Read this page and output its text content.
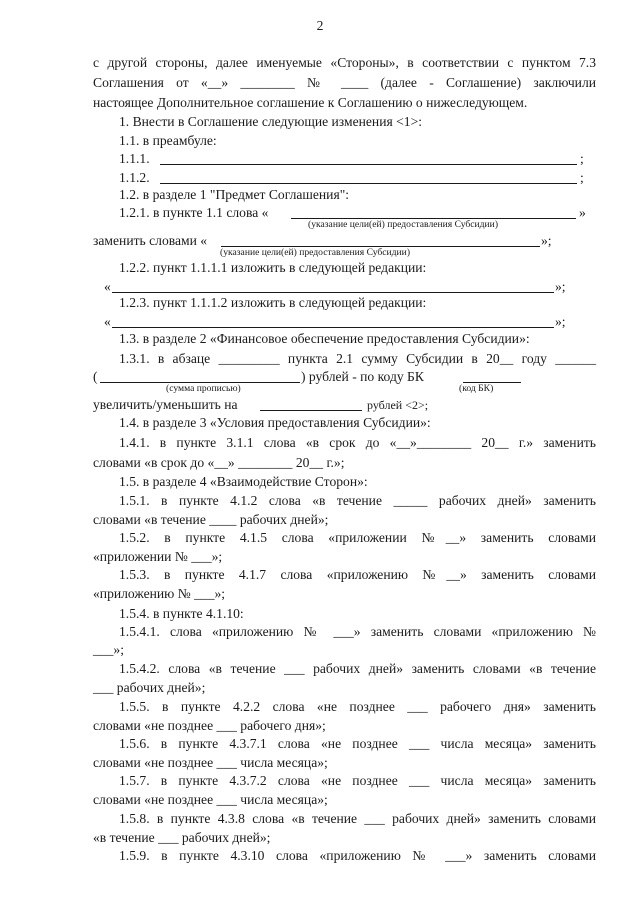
2
с другой стороны, далее именуемые «Стороны», в соответствии с пунктом 7.3
Соглашения от «__» ________ № ____ (далее - Соглашение) заключили
настоящее Дополнительное соглашение к Соглашению о нижеследующем.
1. Внести в Соглашение следующие изменения <1>:
1.1. в преамбуле:
1.1.1.	;
1.1.2.	;
1.2. в разделе 1 "Предмет Соглашения":
1.2.1. в пункте 1.1 слова «	»
(указание цели(ей) предоставления Субсидии)
заменить словами «	»;
(указание цели(ей) предоставления Субсидии)
1.2.2. пункт 1.1.1.1 изложить в следующей редакции:
«	»;
1.2.3. пункт 1.1.1.2 изложить в следующей редакции:
«	»;
1.3. в разделе 2 «Финансовое обеспечение предоставления Субсидии»:
1.3.1. в абзаце _________ пункта 2.1 сумму Субсидии в 20__ году ______
(	) рублей - по коду БК
(сумма прописью)	(код БК)
увеличить/уменьшить на	рублей <2>;
1.4. в разделе 3 «Условия предоставления Субсидии»:
1.4.1. в пункте 3.1.1 слова «в срок до «__»________ 20__ г.» заменить
словами «в срок до «__» ________ 20__ г.»;
1.5. в разделе 4 «Взаимодействие Сторон»:
1.5.1. в пункте 4.1.2 слова «в течение _____ рабочих дней» заменить
словами «в течение ____ рабочих дней»;
1.5.2. в пункте 4.1.5 слова «приложении №__» заменить словами
«приложении № ___»;
1.5.3. в пункте 4.1.7 слова «приложению №__» заменить словами
«приложению № ___»;
1.5.4. в пункте 4.1.10:
1.5.4.1. слова «приложению № ___» заменить словами «приложению №
___»;
1.5.4.2. слова «в течение ___ рабочих дней» заменить словами «в течение
___ рабочих дней»;
1.5.5. в пункте 4.2.2 слова «не позднее ___ рабочего дня» заменить
словами «не позднее ___ рабочего дня»;
1.5.6. в пункте 4.3.7.1 слова «не позднее ___ числа месяца» заменить
словами «не позднее ___ числа месяца»;
1.5.7. в пункте 4.3.7.2 слова «не позднее ___ числа месяца» заменить
словами «не позднее ___ числа месяца»;
1.5.8. в пункте 4.3.8 слова «в течение ___ рабочих дней» заменить словами
«в течение ___ рабочих дней»;
1.5.9. в пункте 4.3.10 слова «приложению № ___» заменить словами
